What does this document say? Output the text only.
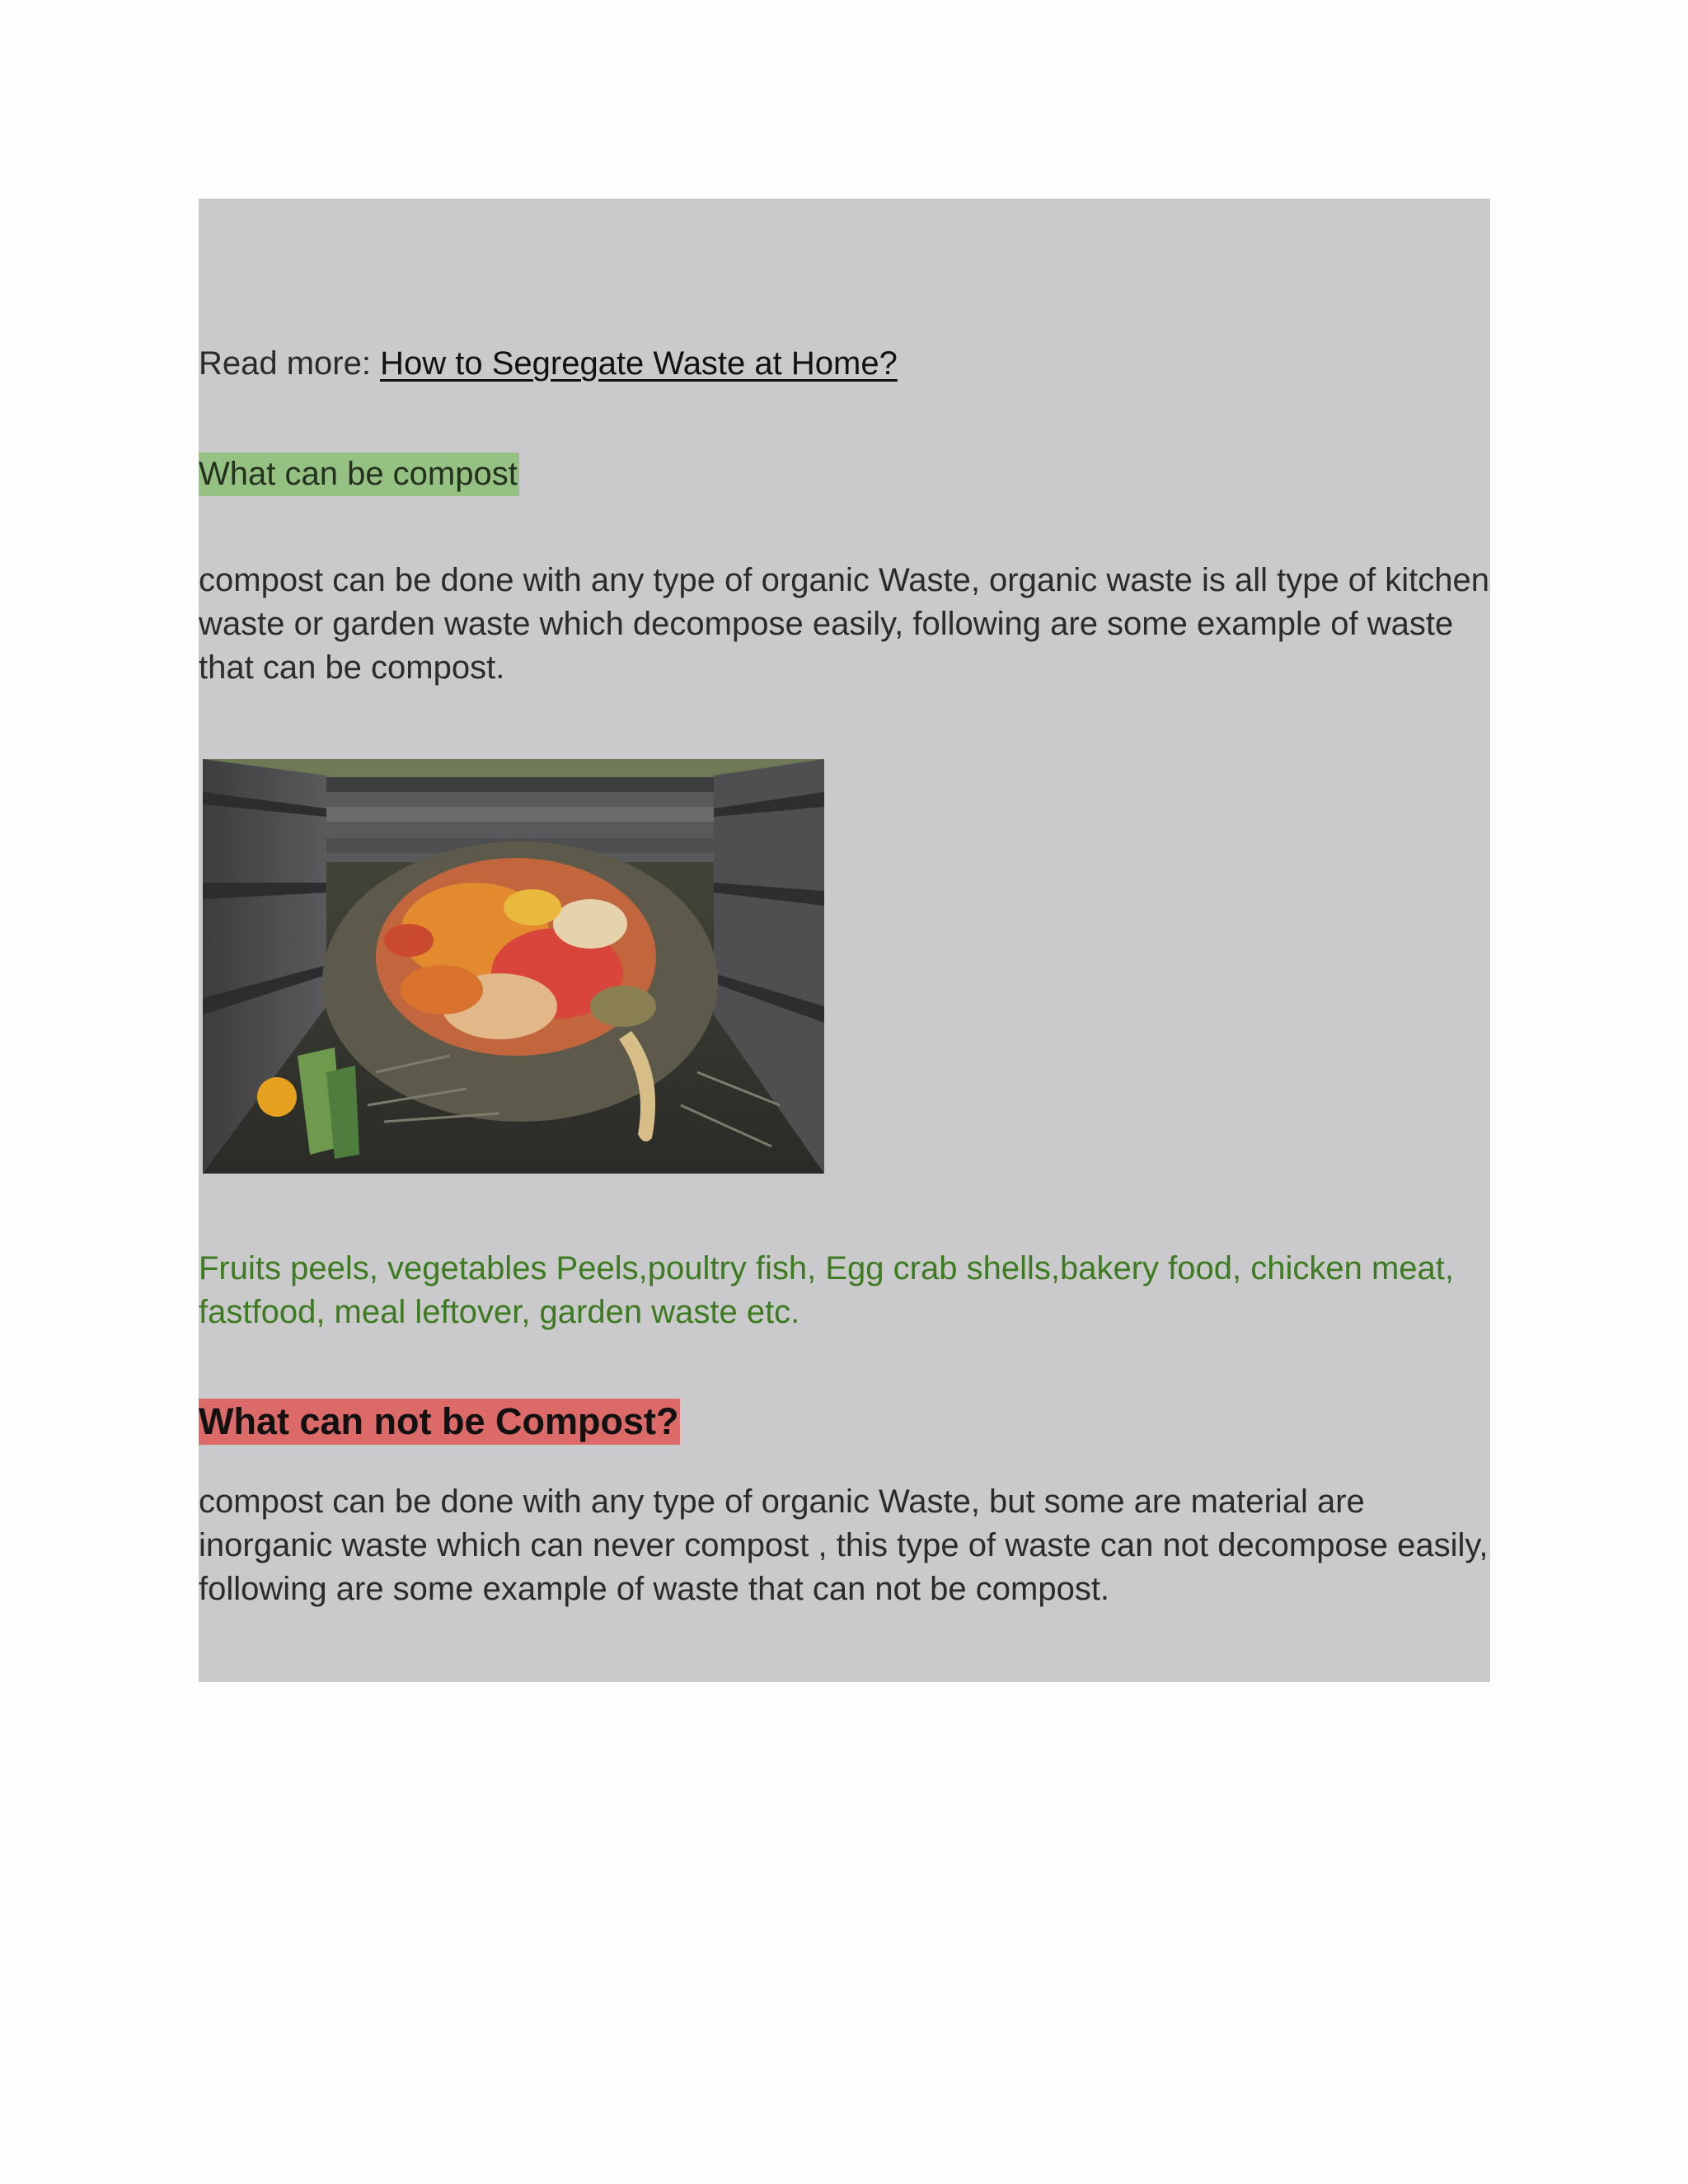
Read more: How to Segregate Waste at Home?
What can be compost
compost can be done with any type of organic Waste, organic waste is all type of kitchen waste or garden waste which decompose easily, following are some example of waste that can be compost.
Fruits peels, vegetables Peels,poultry fish, Egg crab shells,bakery food, chicken meat, fastfood, meal leftover, garden waste etc.
What can not be Compost?
compost can be done with any type of organic Waste, but some are material are inorganic waste which can never compost , this type of waste can not decompose easily, following are some example of waste that can not be compost.
